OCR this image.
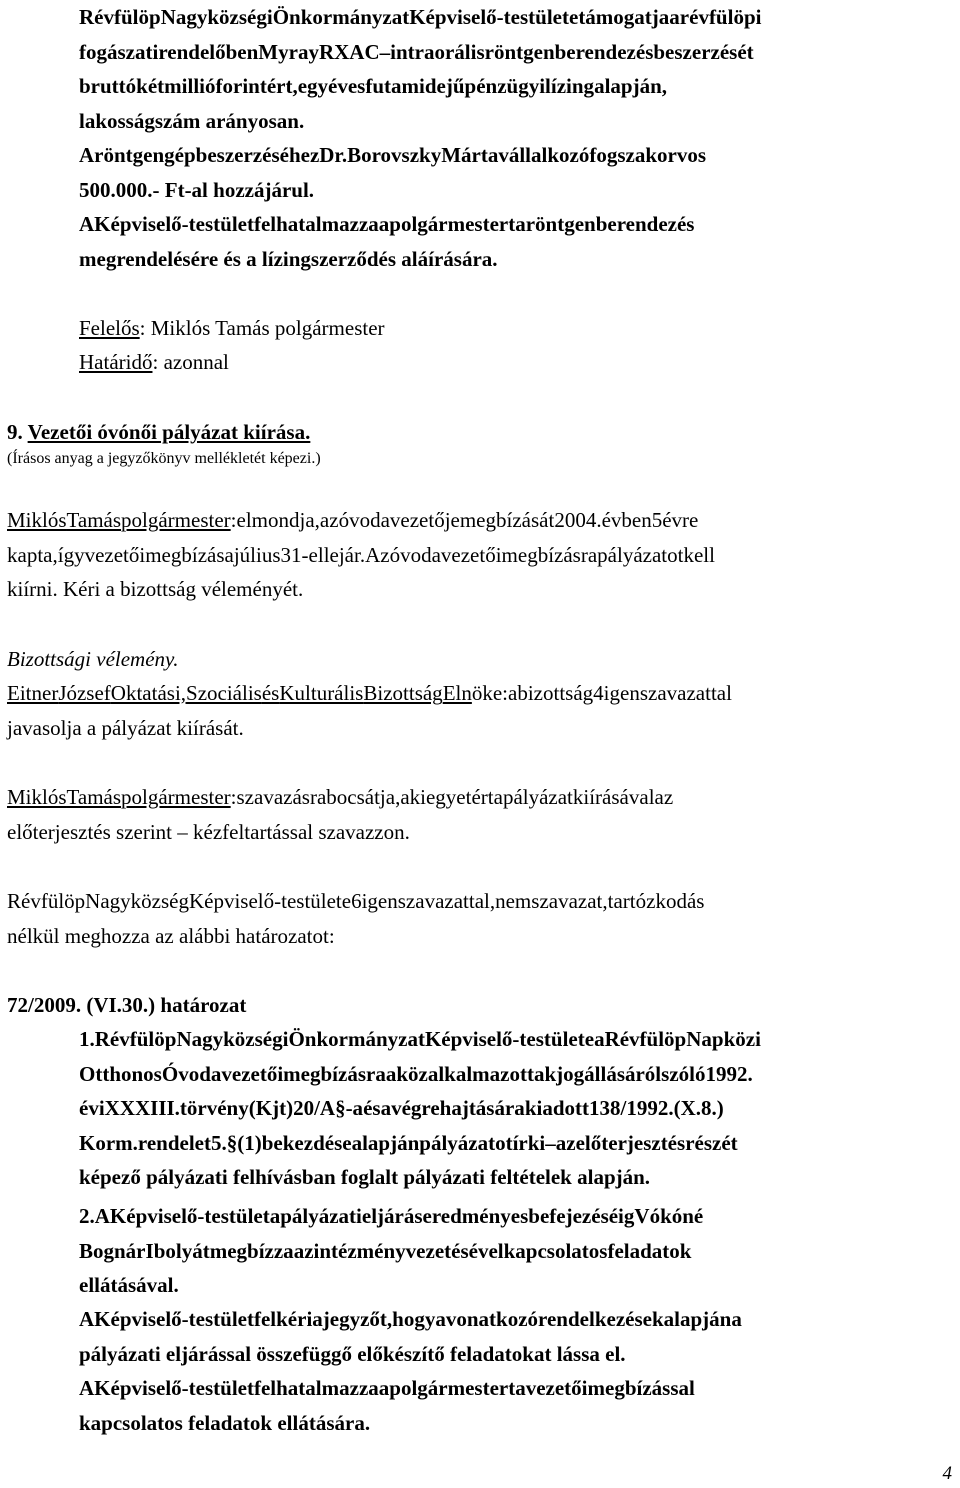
RévfülöpNagyközségiÖnkormányzatKépviselő-testületetámogatjaarévfülöpi
fogászatirendelőbenMyrayRXAC–intraorálisröntgenberendezésbeszerzését
bruttókétmillióforintért,egyévesfutamidejűpénzügyilízingalapján,
lakosságszám arányosan.
AröntgengépbeszerzéséhezDr.BorovszkyMártavállalkozófogszakorvos
500.000.- Ft-al hozzájárul.
AKépviselő-testületfelhatalmazzaapolgármestertaröntgenberendezés
megrendelésére és a lízingszerződés aláírására.
Felelős: Miklós Tamás polgármester
Határidő: azonnal
9. Vezetői óvónői pályázat kiírása.
(Írásos anyag a jegyzőkönyv mellékletét képezi.)
MiklósTamáspolgármester:elmondja,azóvodavezetőjemegbízását2004.évben5évre
kapta,ígyvezetőimegbízásajúlius31-ellejár.Azóvodavezetőimegbízásrapályázatotkell
kiírni. Kéri a bizottság véleményét.
Bizottsági vélemény.
EitnerJózsefOktatási,SzociálisésKulturálisBizottságElnöke:abizottság4igenszavazattal
javasolja a pályázat kiírását.
MiklósTamáspolgármester:szavazásrabocsátja,akiegyetértapályázatkiírásávalaz
előterjesztés szerint – kézfeltartással szavazzon.
RévfülöpNagyközségKépviselő-testülete6igenszavazattal,nemszavazat,tartózkodás
nélkül meghozza az alábbi határozatot:
72/2009. (VI.30.) határozat
1.RévfülöpNagyközségiÖnkormányzatKépviselő-testületeaRévfülöpNapközi
OtthonosÓvodavezetőimegbízásraaközalkalmazottakjogállásárólszóló1992.
éviXXXIII.törvény(Kjt)20/A§-aésavégrehajtásárakiadott138/1992.(X.8.)
Korm.rendelet5.§(1)bekezdésealapjánpályázatotírki–azelőterjesztésrészét
képező pályázati felhívásban foglalt pályázati feltételek alapján.
2.AKépviselő-testületapályázatieljáráseredményesbefejezéséigVókóné
BognárIbolyátmegbízzaazintézményvezetésévelkapcsolatosfeladatok
ellátásával.
AKépviselő-testületfelkériajegyzőt,hogyavonatkozórendelkezésekalapjána
pályázati eljárással összefüggő előkészítő feladatokat lássa el.
AKépviselő-testületfelhatalmazzaapolgármestertavezetőimegbízással
kapcsolatos feladatok ellátására.
4
